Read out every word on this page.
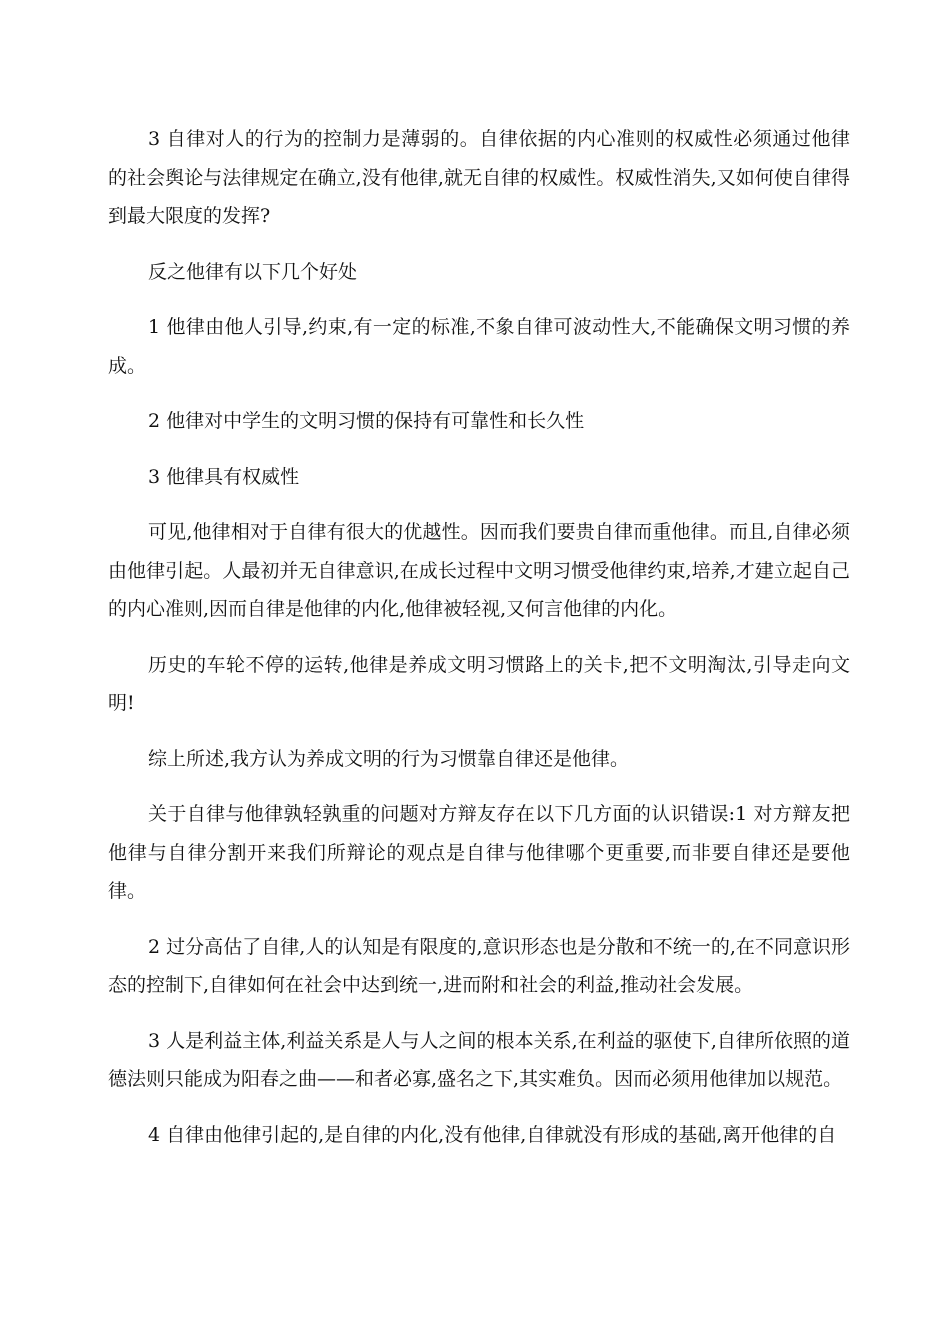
3 自律对人的行为的控制力是薄弱的。自律依据的内心准则的权威性必须通过他律的社会舆论与法律规定在确立,没有他律,就无自律的权威性。权威性消失,又如何使自律得到最大限度的发挥?

反之他律有以下几个好处

1 他律由他人引导,约束,有一定的标准,不象自律可波动性大,不能确保文明习惯的养成。

2 他律对中学生的文明习惯的保持有可靠性和长久性

3 他律具有权威性

可见,他律相对于自律有很大的优越性。因而我们要贵自律而重他律。而且,自律必须由他律引起。人最初并无自律意识,在成长过程中文明习惯受他律约束,培养,才建立起自己的内心准则,因而自律是他律的内化,他律被轻视,又何言他律的内化。

历史的车轮不停的运转,他律是养成文明习惯路上的关卡,把不文明淘汰,引导走向文明!

综上所述,我方认为养成文明的行为习惯靠自律还是他律。

关于自律与他律孰轻孰重的问题对方辩友存在以下几方面的认识错误:1 对方辩友把他律与自律分割开来我们所辩论的观点是自律与他律哪个更重要,而非要自律还是要他律。

2 过分高估了自律,人的认知是有限度的,意识形态也是分散和不统一的,在不同意识形态的控制下,自律如何在社会中达到统一,进而附和社会的利益,推动社会发展。

3 人是利益主体,利益关系是人与人之间的根本关系,在利益的驱使下,自律所依照的道德法则只能成为阳春之曲——和者必寡,盛名之下,其实难负。因而必须用他律加以规范。

4 自律由他律引起的,是自律的内化,没有他律,自律就没有形成的基础,离开他律的自
